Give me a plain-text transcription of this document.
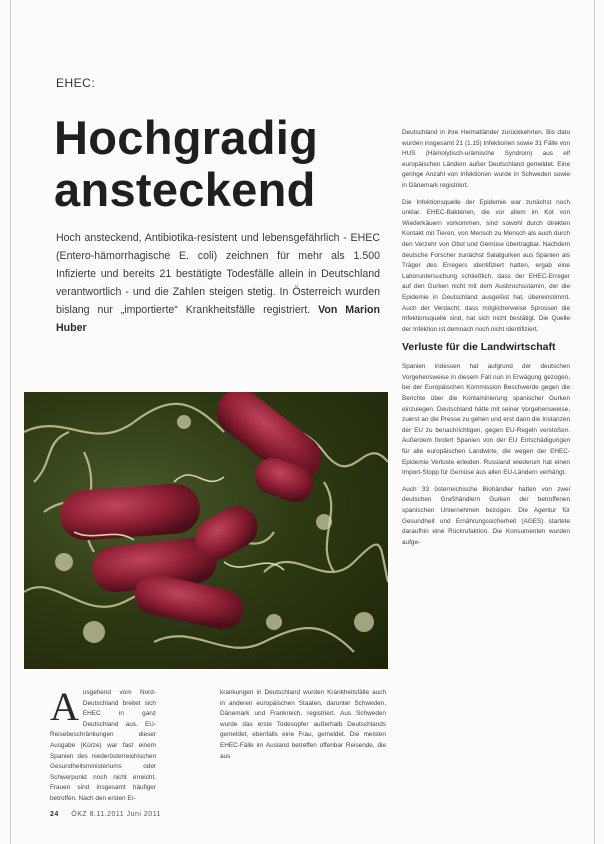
EHEC:
Hochgradig
ansteckend
Hoch ansteckend, Antibiotika-resistent und lebensgefährlich - EHEC (Entero-hämorrhagische E. coli) zeichnen für mehr als 1.500 Infizierte und bereits 21 bestätigte Todesfälle allein in Deutschland verantwortlich - und die Zahlen steigen stetig. In Österreich wurden bislang nur „importierte“ Krankheitsfälle registriert. Von Marion Huber
A usgehend vom Nord-Deutschland breitet sich EHEC in ganz Deutschland aus. EU-Reisebeschränkungen dieser Ausgabe (Kürze) war fast einem Spanien des niederösterreichischen Gesundheitsministeriums oder Schwerpunkt noch nicht erreicht. Frauen sind insgesamt häufiger betroffen. Nach den ersten Er-
krankungen in Deutschland wurden Krankheitsfälle auch in anderen europäischen Staaten, darunter Schweden, Dänemark und Frankreich, registriert. Aus Schweden wurde das erste Todesopfer außerhalb Deutschlands gemeldet, ebenfalls eine Frau, gemeldet. Die meisten EHEC-Fälle im Ausland betreffen offenbar Reisende, die aus

Deutschland in ihre Heimatländer zurückkehrten. Bis dato wurden insgesamt 21 (1.15) Infektionen sowie 31 Fälle von HUS (Hämolytisch-urämische Syndrom) aus elf europäischen Ländern außer Deutschland gemeldet. Eine geringe Anzahl von Infektionen wurde in Schweden sowie in Dänemark registriert.

Die Infektionsquelle der Epidemie war zunächst noch unklar. EHEC-Bakterien, die vor allem im Kot von Wiederkäuern vorkommen, sind sowohl durch direkten Kontakt mit Tieren, von Mensch zu Mensch als auch durch den Verzehr von Obst und Gemüse übertragbar. Nachdem deutsche Forscher zunächst Salatgurken aus Spanien als Träger des Erregers identifiziert hatten, ergab eine Laboruntersuchung schließlich, dass der EHEC-Erreger auf den Gurken nicht mit dem Ausbruchsstamm, der die Epidemie in Deutschland ausgelöst hat, übereinstimmt. Auch der Verdacht, dass möglicherweise Sprossen die Infektionsquelle sind, hat sich nicht bestätigt. Die Quelle der Infektion ist demnach noch nicht identifiziert.

Verluste für die Landwirtschaft

Spanien indessen hat aufgrund der deutschen Vorgehensweise in diesem Fall nun in Erwägung gezogen, bei der Europäischen Kommission Beschwerde gegen die Berichte über die Kontaminierung spanischer Gurken einzulegen. Deutschland hätte mit seiner Vorgehensweise, zuerst an die Presse zu gehen und erst dann die Instanzen der EU zu benachrichtigen, gegen EU-Regeln verstoßen. Außerdem fordert Spanien von der EU Entschädigungen für alle europäischen Landwirte, die wegen der EHEC-Epidemie Verluste erleiden. Russland wiederum hat einen Import-Stopp für Gemüse aus allen EU-Ländern verhängt.

Auch 33 österreichische Biohändler hatten von zwei deutschen Großhändlern Gurken der betroffenen spanischen Unternehmen bezogen. Die Agentur für Gesundheit und Ernährungssicherheit (AGES) startete daraufhin eine Rückrufaktion. Die Konsumenten wurden aufge-

24 ÖKZ 8.11.2011 Juni 2011
